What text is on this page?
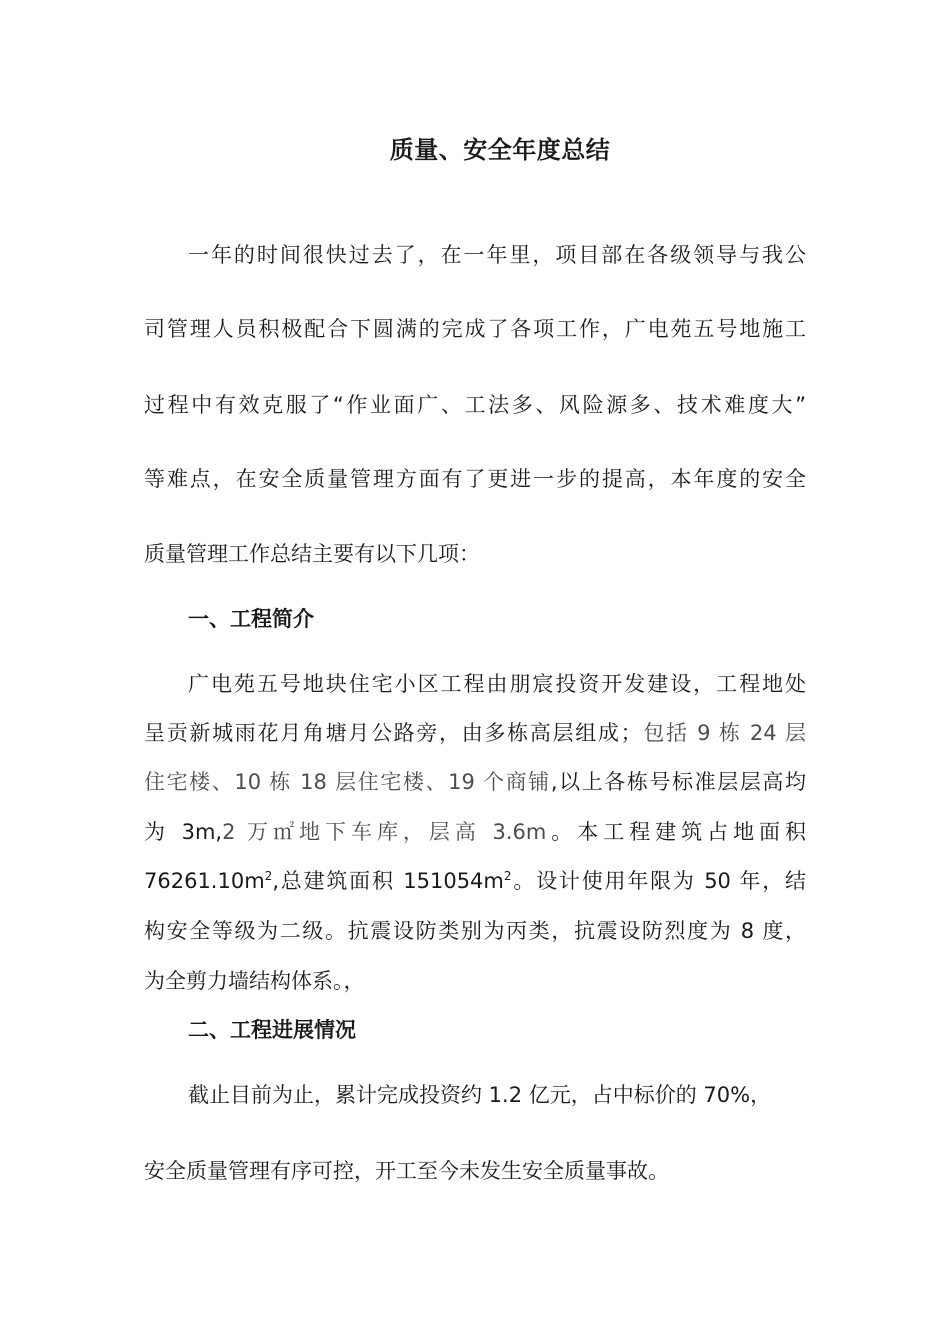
质量、安全年度总结
一年的时间很快过去了，在一年里，项目部在各级领导与我公
司管理人员积极配合下圆满的完成了各项工作，广电苑五号地施工
过程中有效克服了“作业面广、工法多、风险源多、技术难度大”
等难点，在安全质量管理方面有了更进一步的提高，本年度的安全
质量管理工作总结主要有以下几项：
一、工程简介
广电苑五号地块住宅小区工程由朋宸投资开发建设，工程地处
呈贡新城雨花月角塘月公路旁，由多栋高层组成；包括 9 栋 24 层
住宅楼、10 栋 18 层住宅楼、19 个商铺,以上各栋号标准层层高均
为 3m,2 万㎡地下车库，层高 3.6m。本工程建筑占地面积
$76261.10m^2$,总建筑面积 $151054m^2$。设计使用年限为 50 年，结
构安全等级为二级。抗震设防类别为丙类，抗震设防烈度为 8 度，
为全剪力墙结构体系。，
二、工程进展情况
截止目前为止，累计完成投资约 1.2 亿元，占中标价的 70%，
安全质量管理有序可控，开工至今未发生安全质量事故。
